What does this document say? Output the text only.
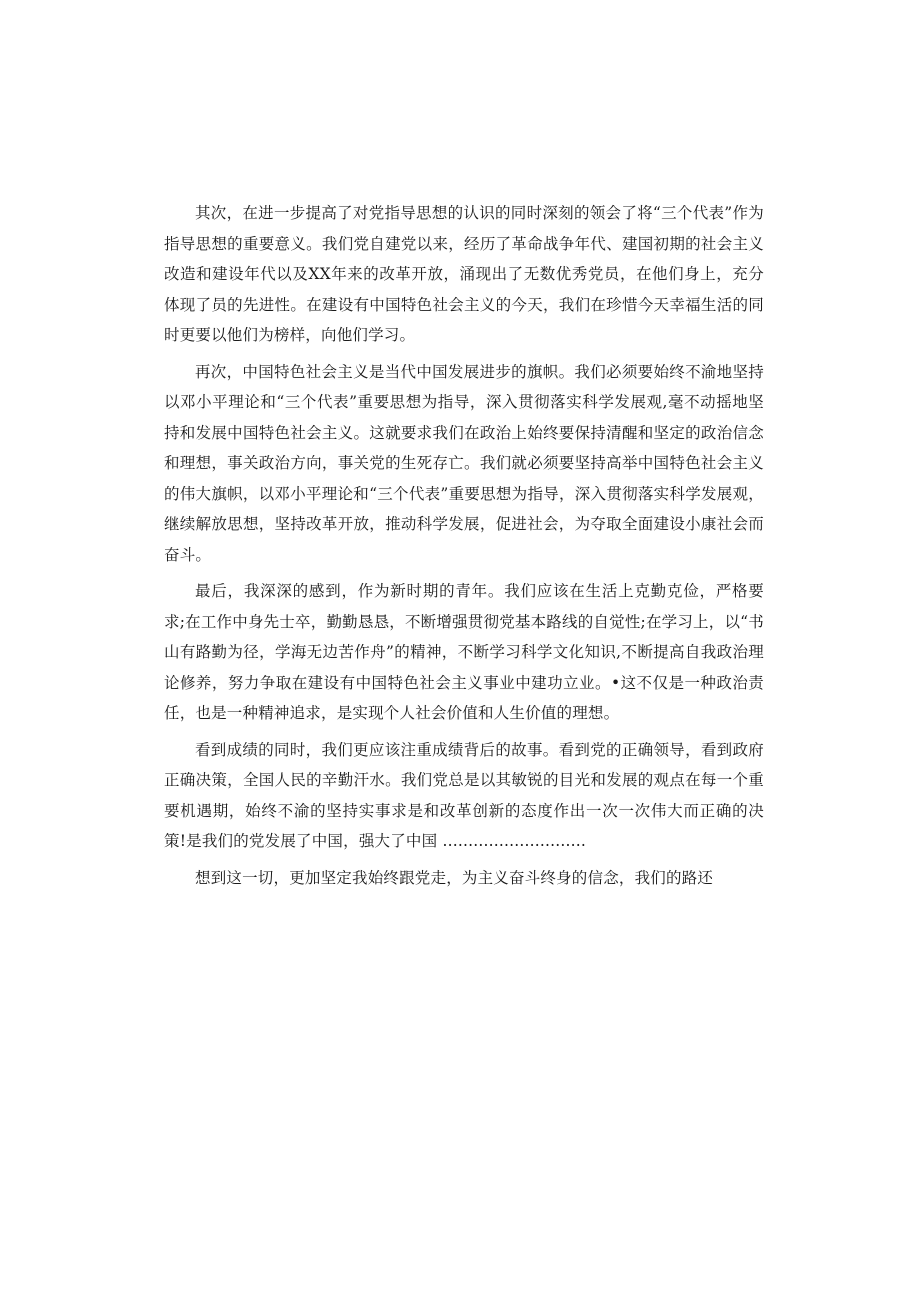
其次，在进一步提高了对党指导思想的认识的同时深刻的领会了将“三个代表”作为指导思想的重要意义。我们党自建党以来，经历了革命战争年代、建国初期的社会主义改造和建设年代以及XX年来的改革开放，涌现出了无数优秀党员，在他们身上，充分体现了员的先进性。在建设有中国特色社会主义的今天，我们在珍惜今天幸福生活的同时更要以他们为榜样，向他们学习。

再次，中国特色社会主义是当代中国发展进步的旗帜。我们必须要始终不渝地坚持以邓小平理论和“三个代表”重要思想为指导，深入贯彻落实科学发展观,毫不动摇地坚持和发展中国特色社会主义。这就要求我们在政治上始终要保持清醒和坚定的政治信念和理想，事关政治方向，事关党的生死存亡。我们就必须要坚持高举中国特色社会主义的伟大旗帜，以邓小平理论和“三个代表”重要思想为指导，深入贯彻落实科学发展观，继续解放思想，坚持改革开放，推动科学发展，促进社会，为夺取全面建设小康社会而奋斗。

最后，我深深的感到，作为新时期的青年。我们应该在生活上克勤克俭，严格要求;在工作中身先士卒，勤勤恳恳，不断增强贯彻党基本路线的自觉性;在学习上，以“书山有路勤为径，学海无边苦作舟”的精神，不断学习科学文化知识,不断提高自我政治理论修养，努力争取在建设有中国特色社会主义事业中建功立业。•这不仅是一种政治责任，也是一种精神追求，是实现个人社会价值和人生价值的理想。

看到成绩的同时，我们更应该注重成绩背后的故事。看到党的正确领导，看到政府正确决策，全国人民的辛勤汗水。我们党总是以其敏锐的目光和发展的观点在每一个重要机遇期，始终不渝的坚持实事求是和改革创新的态度作出一次一次伟大而正确的决策!是我们的党发展了中国，强大了中国 ............................

想到这一切，更加坚定我始终跟党走，为主义奋斗终身的信念，我们的路还
